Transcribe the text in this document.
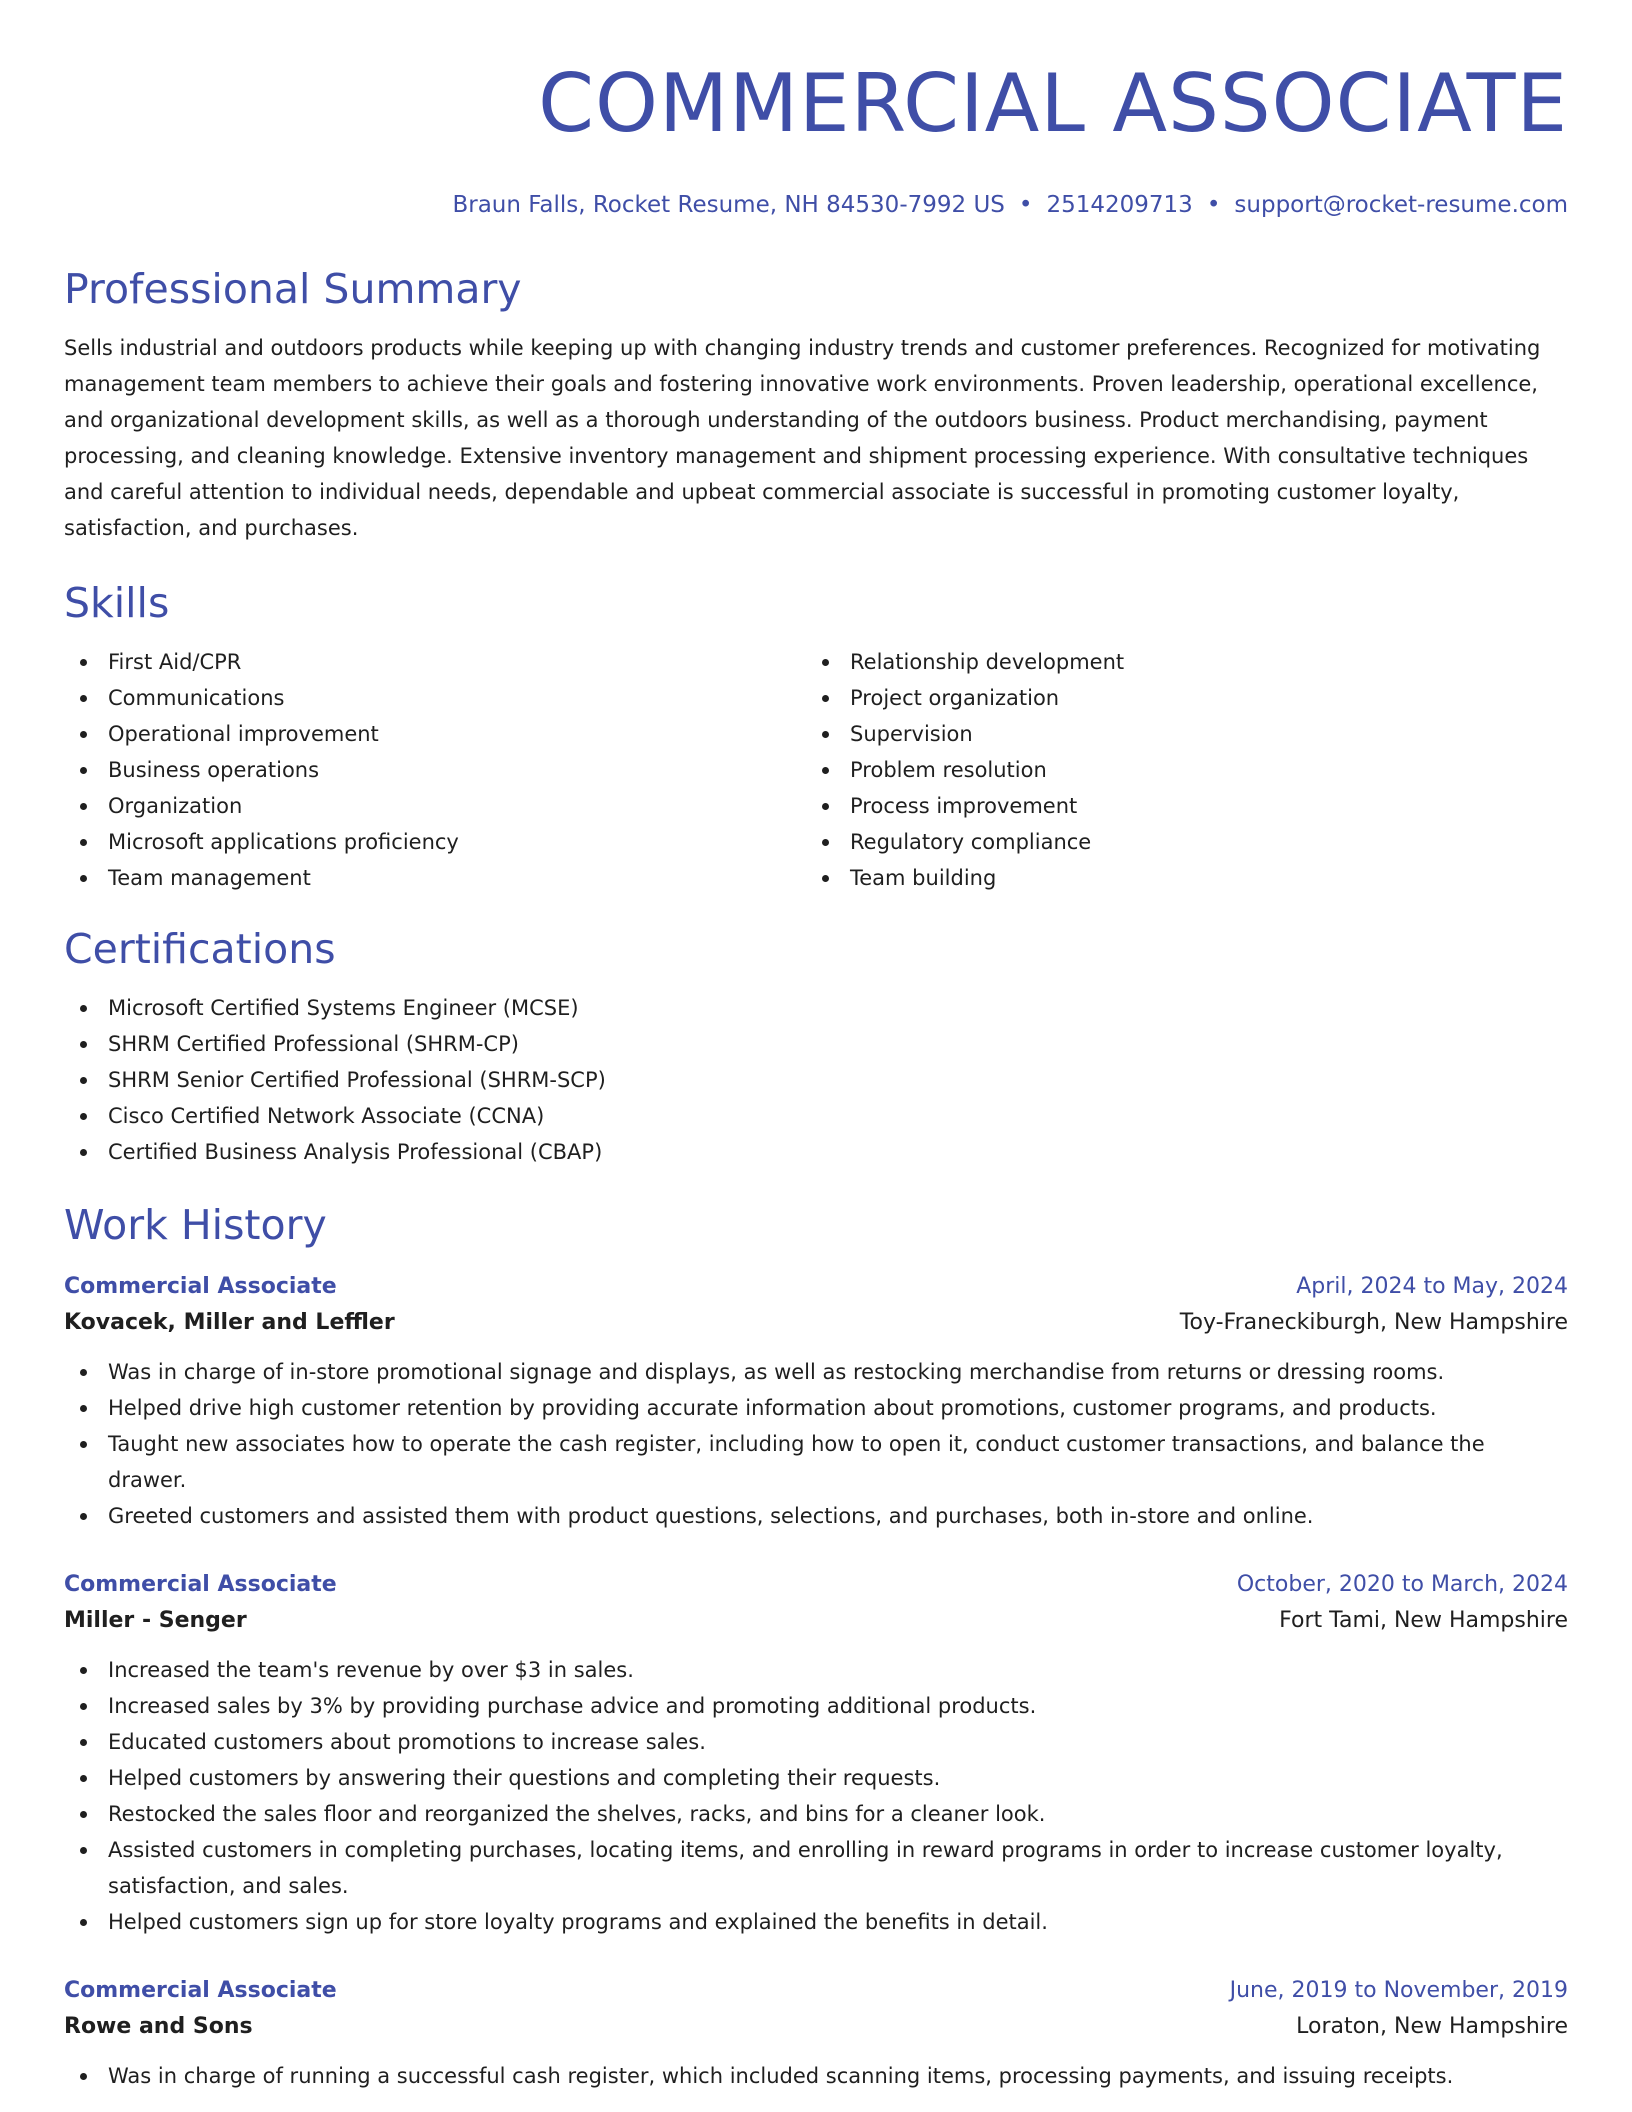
COMMERCIAL ASSOCIATE
Braun Falls, Rocket Resume, NH 84530-7992 US • 2514209713 • support@rocket-resume.com
Professional Summary
Sells industrial and outdoors products while keeping up with changing industry trends and customer preferences. Recognized for motivating management team members to achieve their goals and fostering innovative work environments. Proven leadership, operational excellence, and organizational development skills, as well as a thorough understanding of the outdoors business. Product merchandising, payment processing, and cleaning knowledge. Extensive inventory management and shipment processing experience. With consultative techniques and careful attention to individual needs, dependable and upbeat commercial associate is successful in promoting customer loyalty, satisfaction, and purchases.
Skills
First Aid/CPR
Communications
Operational improvement
Business operations
Organization
Microsoft applications proficiency
Team management
Relationship development
Project organization
Supervision
Problem resolution
Process improvement
Regulatory compliance
Team building
Certifications
Microsoft Certified Systems Engineer (MCSE)
SHRM Certified Professional (SHRM-CP)
SHRM Senior Certified Professional (SHRM-SCP)
Cisco Certified Network Associate (CCNA)
Certified Business Analysis Professional (CBAP)
Work History
Commercial Associate	April, 2024 to May, 2024
Kovacek, Miller and Leffler	Toy-Franeckiburgh, New Hampshire
Was in charge of in-store promotional signage and displays, as well as restocking merchandise from returns or dressing rooms.
Helped drive high customer retention by providing accurate information about promotions, customer programs, and products.
Taught new associates how to operate the cash register, including how to open it, conduct customer transactions, and balance the drawer.
Greeted customers and assisted them with product questions, selections, and purchases, both in-store and online.
Commercial Associate	October, 2020 to March, 2024
Miller - Senger	Fort Tami, New Hampshire
Increased the team's revenue by over $3 in sales.
Increased sales by 3% by providing purchase advice and promoting additional products.
Educated customers about promotions to increase sales.
Helped customers by answering their questions and completing their requests.
Restocked the sales floor and reorganized the shelves, racks, and bins for a cleaner look.
Assisted customers in completing purchases, locating items, and enrolling in reward programs in order to increase customer loyalty, satisfaction, and sales.
Helped customers sign up for store loyalty programs and explained the benefits in detail.
Commercial Associate	June, 2019 to November, 2019
Rowe and Sons	Loraton, New Hampshire
Was in charge of running a successful cash register, which included scanning items, processing payments, and issuing receipts.
